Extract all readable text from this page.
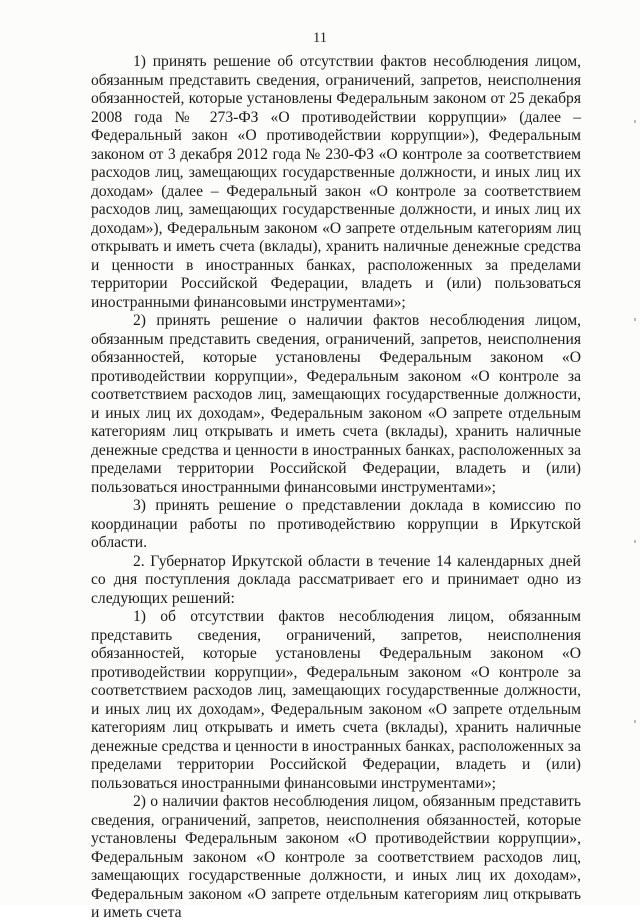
11

1) принять решение об отсутствии фактов несоблюдения лицом, обязанным представить сведения, ограничений, запретов, неисполнения обязанностей, которые установлены Федеральным законом от 25 декабря 2008 года № 273-ФЗ «О противодействии коррупции» (далее – Федеральный закон «О противодействии коррупции»), Федеральным законом от 3 декабря 2012 года № 230-ФЗ «О контроле за соответствием расходов лиц, замещающих государственные должности, и иных лиц их доходам» (далее – Федеральный закон «О контроле за соответствием расходов лиц, замещающих государственные должности, и иных лиц их доходам»), Федеральным законом «О запрете отдельным категориям лиц открывать и иметь счета (вклады), хранить наличные денежные средства и ценности в иностранных банках, расположенных за пределами территории Российской Федерации, владеть и (или) пользоваться иностранными финансовыми инструментами»;

2) принять решение о наличии фактов несоблюдения лицом, обязанным представить сведения, ограничений, запретов, неисполнения обязанностей, которые установлены Федеральным законом «О противодействии коррупции», Федеральным законом «О контроле за соответствием расходов лиц, замещающих государственные должности, и иных лиц их доходам», Федеральным законом «О запрете отдельным категориям лиц открывать и иметь счета (вклады), хранить наличные денежные средства и ценности в иностранных банках, расположенных за пределами территории Российской Федерации, владеть и (или) пользоваться иностранными финансовыми инструментами»;

3) принять решение о представлении доклада в комиссию по координации работы по противодействию коррупции в Иркутской области.

2. Губернатор Иркутской области в течение 14 календарных дней со дня поступления доклада рассматривает его и принимает одно из следующих решений:

1) об отсутствии фактов несоблюдения лицом, обязанным представить сведения, ограничений, запретов, неисполнения обязанностей, которые установлены Федеральным законом «О противодействии коррупции», Федеральным законом «О контроле за соответствием расходов лиц, замещающих государственные должности, и иных лиц их доходам», Федеральным законом «О запрете отдельным категориям лиц открывать и иметь счета (вклады), хранить наличные денежные средства и ценности в иностранных банках, расположенных за пределами территории Российской Федерации, владеть и (или) пользоваться иностранными финансовыми инструментами»;

2) о наличии фактов несоблюдения лицом, обязанным представить сведения, ограничений, запретов, неисполнения обязанностей, которые установлены Федеральным законом «О противодействии коррупции», Федеральным законом «О контроле за соответствием расходов лиц, замещающих государственные должности, и иных лиц их доходам», Федеральным законом «О запрете отдельным категориям лиц открывать и иметь счета
